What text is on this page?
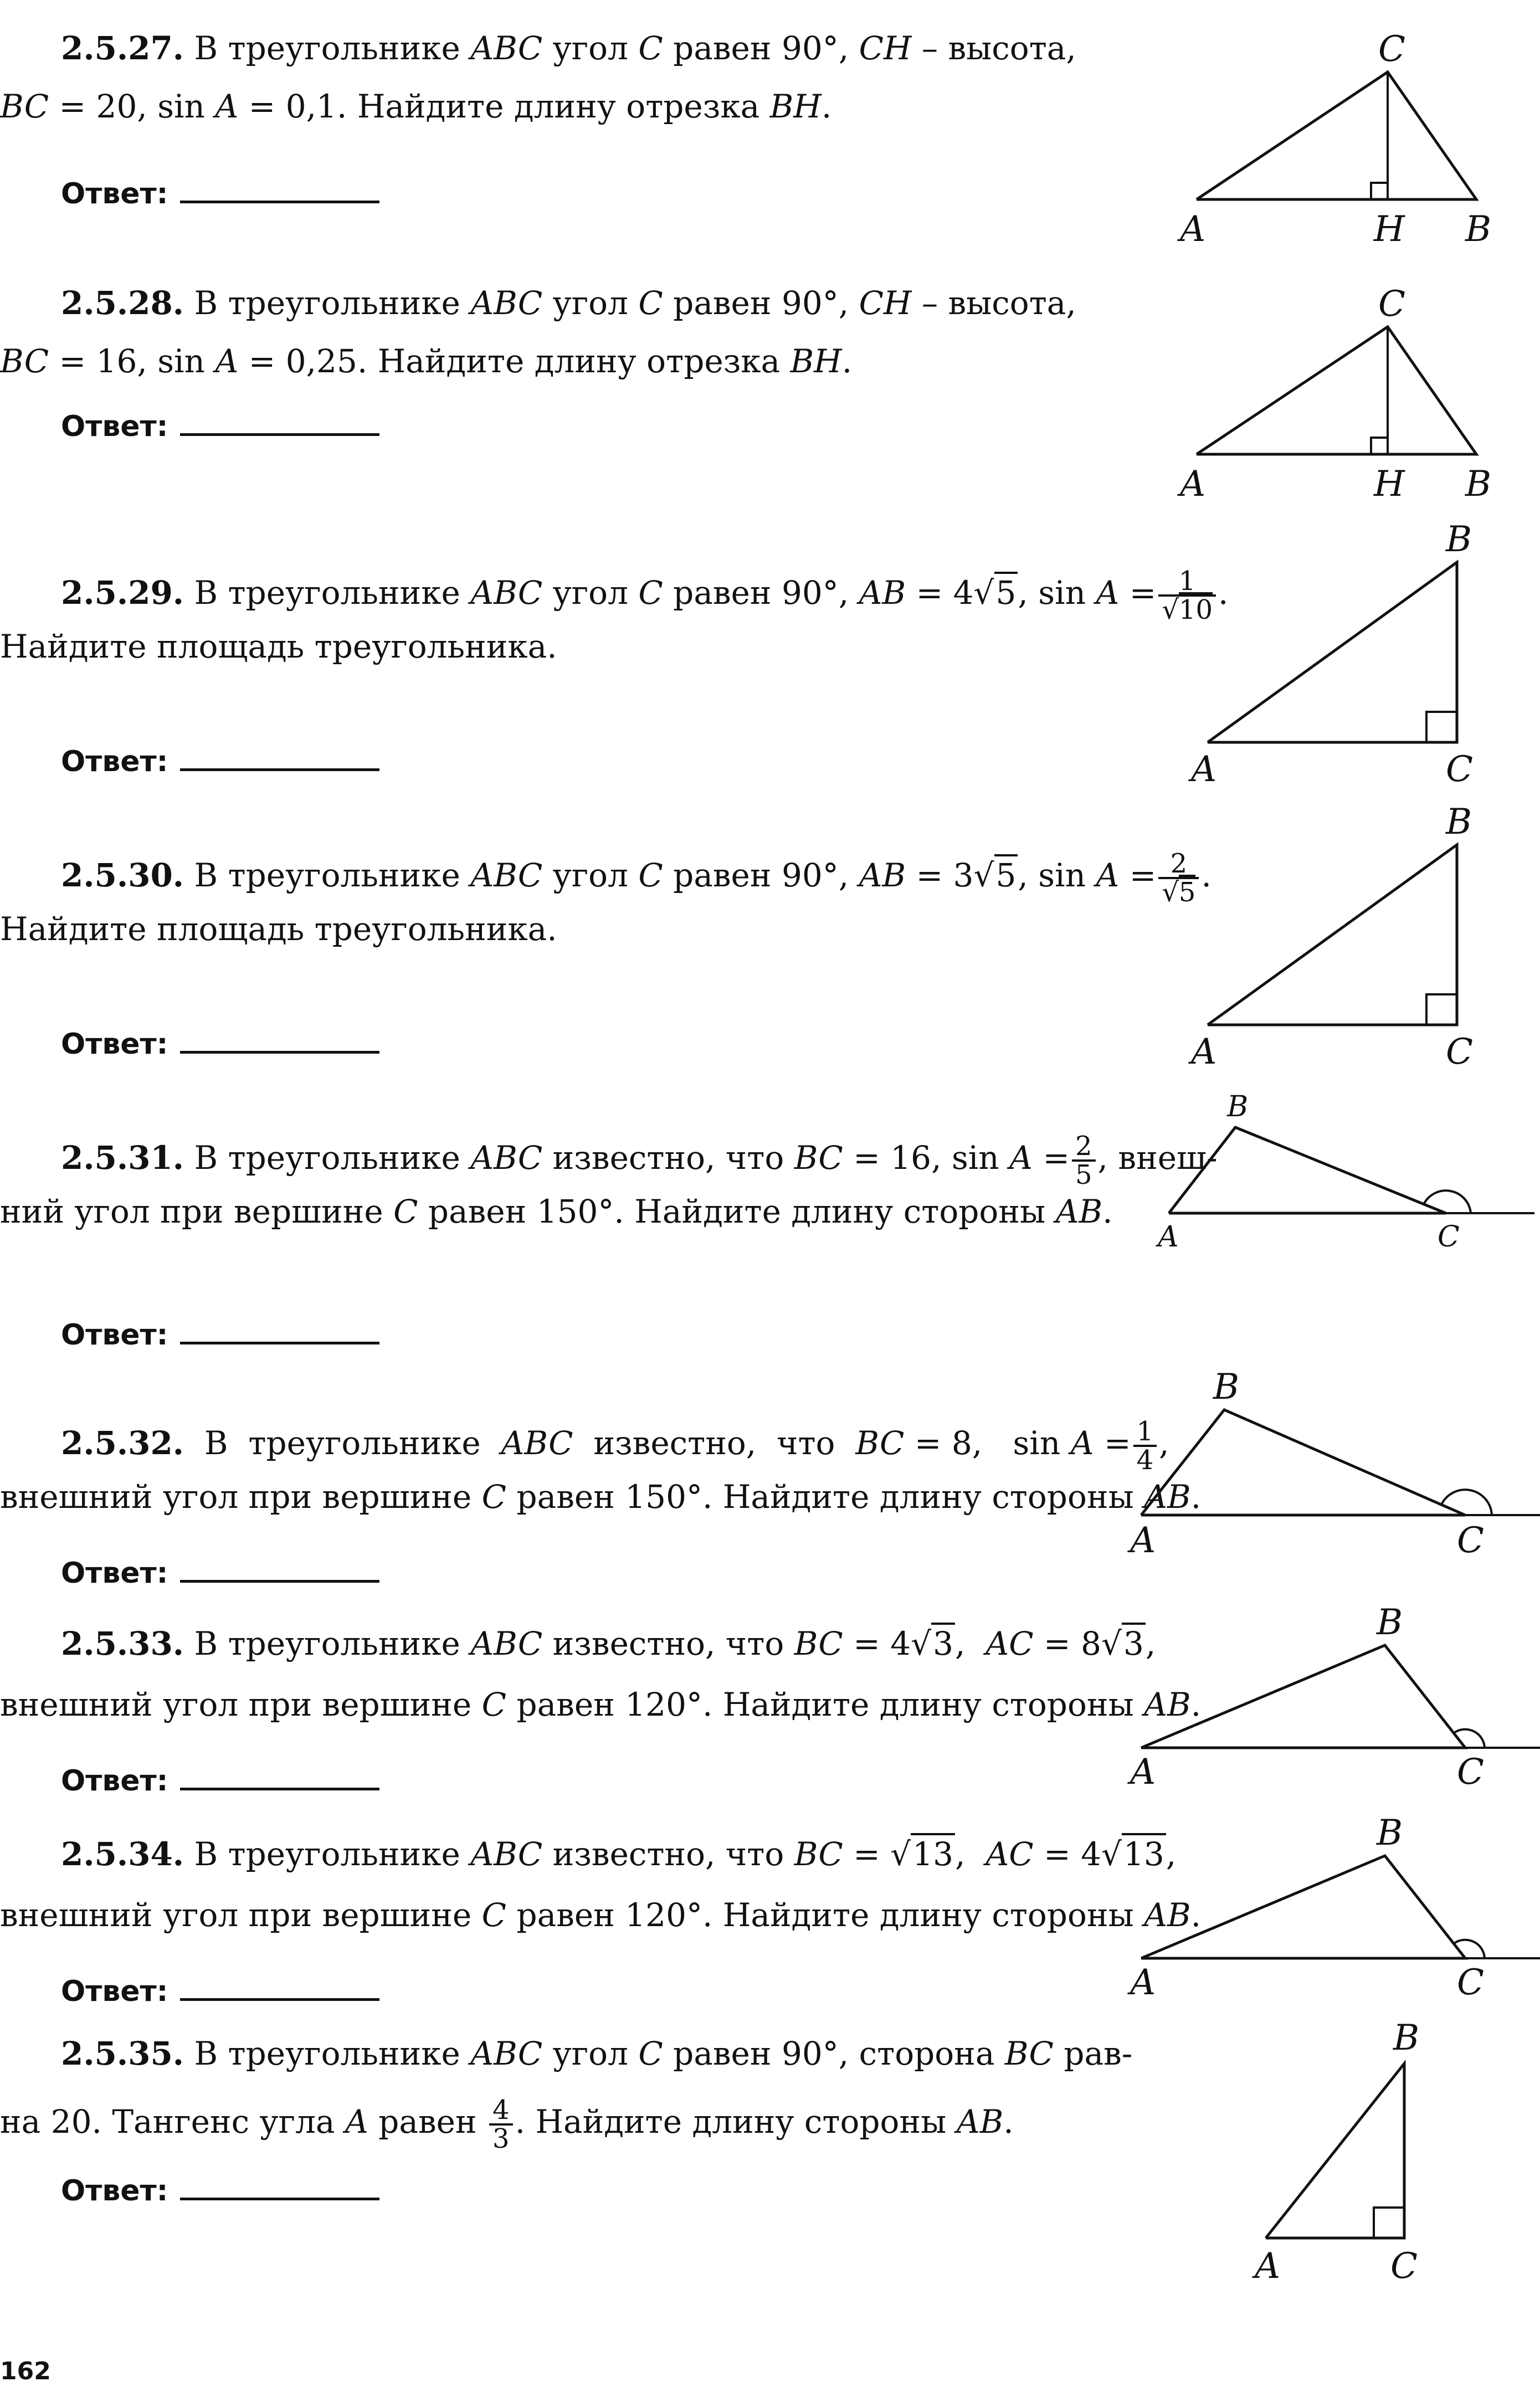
2.5.27. В треугольнике ABC угол C равен 90°, CH – высота,
BC = 20, sin A = 0,1. Найдите длину отрезка BH.
Ответ:
C
A	H B
2.5.28. В треугольнике ABC угол C равен 90°, CH – высота,
BC = 16, sin A = 0,25. Найдите длину отрезка BH.
Ответ:
C
A	H B
2.5.29. В треугольнике ABC угол C равен 90°, AB = 4√5, $\sin A = \frac{1}{√10}$ .
Найдите площадь треугольника.
Ответ:
B
A	C
2.5.30. В треугольнике ABC угол C равен 90°, AB = 3√5, $\sin A = \frac{2}{√5}$ .
Найдите площадь треугольника.
Ответ:
B
A	C
2.5.31. В треугольнике ABC известно, что BC = 16, $\sin A = \frac{2}{5}$ , внеш-
ний угол при вершине C равен 150°. Найдите длину стороны AB.
Ответ:
B
A	C
2.5.32.  В  треугольнике  ABC  известно,  что  BC = 8,   $\sin A = \frac{1}{4}$ ,
внешний угол при вершине C равен 150°. Найдите длину стороны AB.
Ответ:
B
A	C
2.5.33. В треугольнике ABC известно, что BC = 4√3,  AC = 8√3,
внешний угол при вершине C равен 120°. Найдите длину стороны AB.
Ответ:
B
A	C
2.5.34. В треугольнике ABC известно, что BC = √13,  AC = 4√13,
внешний угол при вершине C равен 120°. Найдите длину стороны AB.
Ответ:
B
A	C
2.5.35. В треугольнике ABC угол C равен 90°, сторона BC рав-
на 20. Тангенс угла A равен $\frac{4}{3}$ . Найдите длину стороны AB.
Ответ:
B
A	C
162
